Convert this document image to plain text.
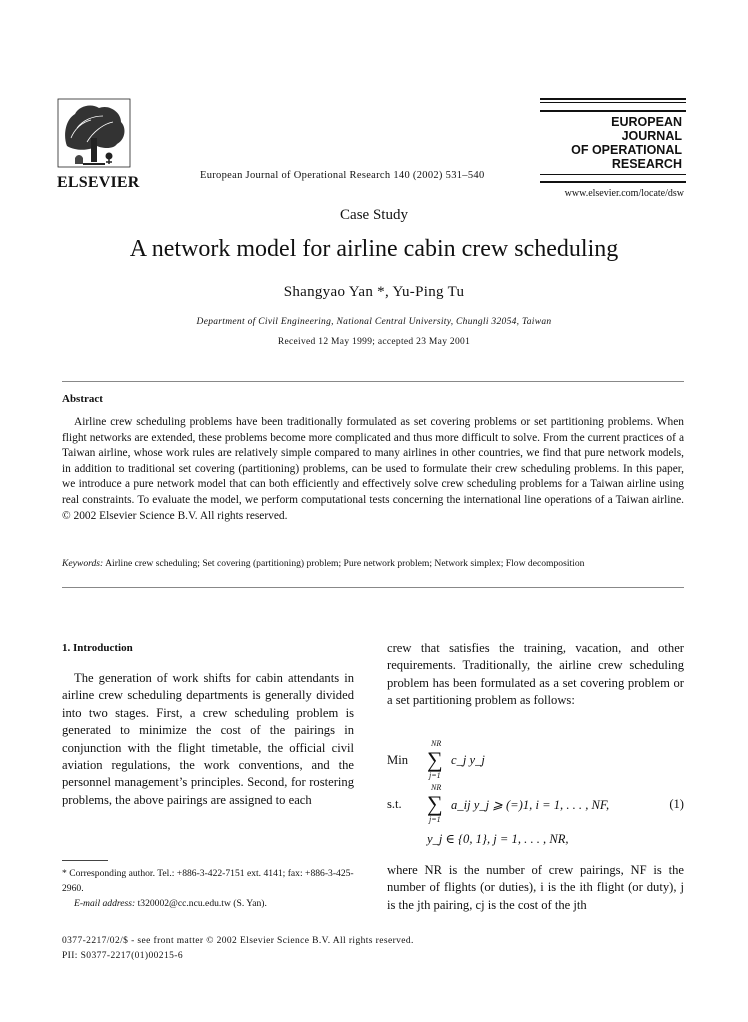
ELSEVIER	European Journal of Operational Research 140 (2002) 531–540
EUROPEAN
JOURNAL
OF OPERATIONAL
RESEARCH
www.elsevier.com/locate/dsw
Case Study
A network model for airline cabin crew scheduling
Shangyao Yan *, Yu-Ping Tu
Department of Civil Engineering, National Central University, Chungli 32054, Taiwan
Received 12 May 1999; accepted 23 May 2001
Abstract
Airline crew scheduling problems have been traditionally formulated as set covering problems or set partitioning problems. When flight networks are extended, these problems become more complicated and thus more difficult to solve. From the current practices of a Taiwan airline, whose work rules are relatively simple compared to many airlines in other countries, we find that pure network models, in addition to traditional set covering (partitioning) problems, can be used to formulate their crew scheduling problems. In this paper, we introduce a pure network model that can both efficiently and effectively solve crew scheduling problems for a Taiwan airline using real constraints. To evaluate the model, we perform computational tests concerning the international line operations of a Taiwan airline. © 2002 Elsevier Science B.V. All rights reserved.
Keywords: Airline crew scheduling; Set covering (partitioning) problem; Pure network problem; Network simplex; Flow decomposition
1. Introduction
The generation of work shifts for cabin attendants in airline crew scheduling departments is generally divided into two stages. First, a crew scheduling problem is generated to minimize the cost of the pairings in conjunction with the flight timetable, the official civil aviation regulations, the work conventions, and the personnel management’s principles. Second, for rostering problems, the above pairings are assigned to each

* Corresponding author. Tel.: +886-3-422-7151 ext. 4141; fax: +886-3-425-2960.

E-mail address: t320002@cc.ncu.edu.tw (S. Yan).

crew that satisfies the training, vacation, and other requirements. Traditionally, the airline crew scheduling problem has been formulated as a set covering problem or a set partitioning problem as follows:
Min
NR
∑
j=1
c_j y_j
s.t.
NR
∑
j=1
a_ij y_j ⩾ (=)1, i = 1, . . . , NF,	(1)
y_j ∈ {0, 1}, j = 1, . . . , NR,
where NR is the number of crew pairings, NF is the number of flights (or duties), i is the ith flight (or duty), j is the jth pairing, cj is the cost of the jth

0377-2217/02/$ - see front matter © 2002 Elsevier Science B.V. All rights reserved.

PII: S0377-2217(01)00215-6
